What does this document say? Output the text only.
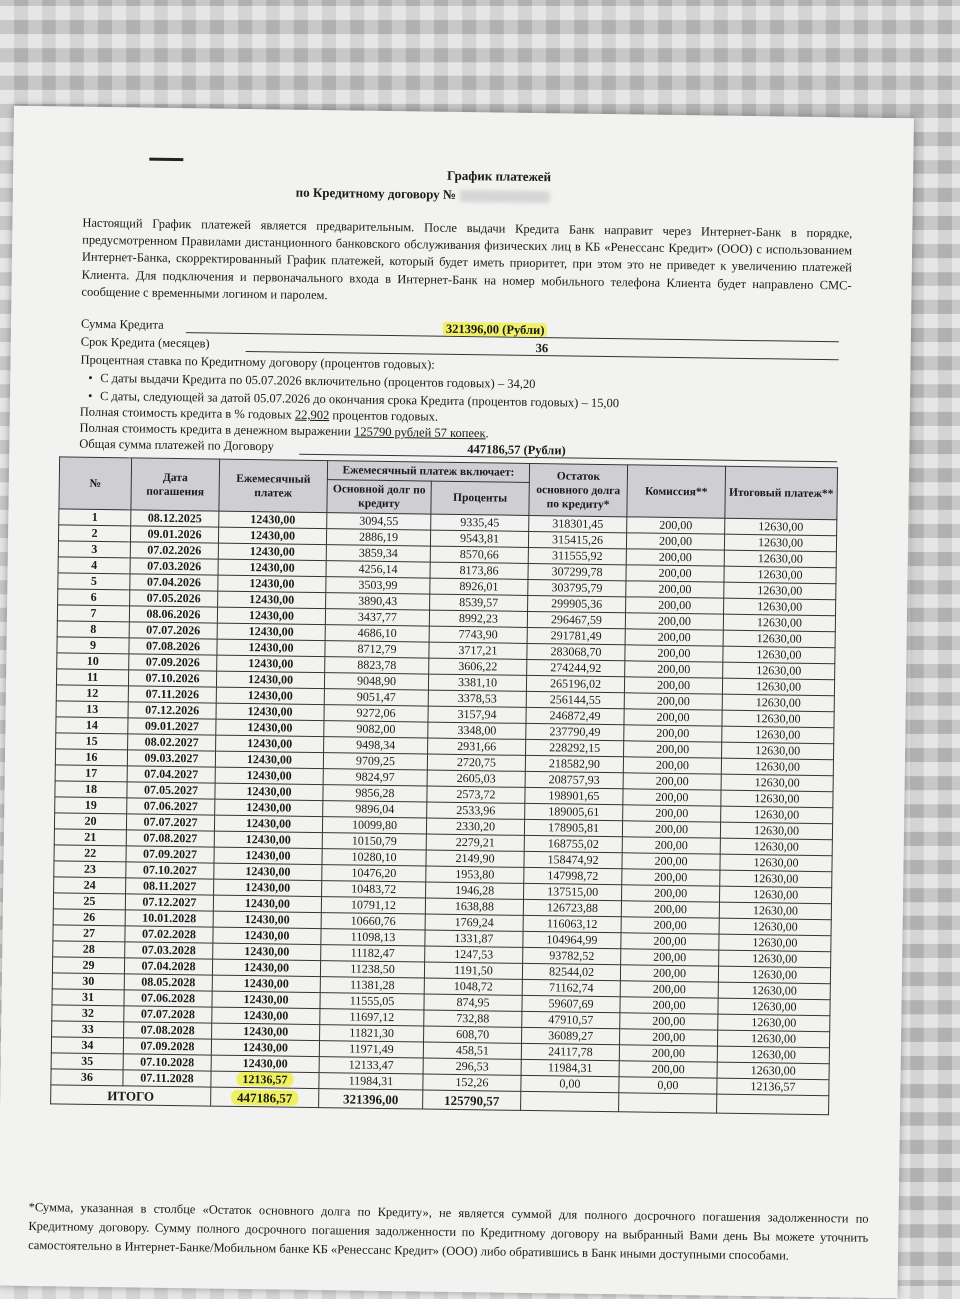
График платежей
по Кредитному договору №
Настоящий График платежей является предварительным. После выдачи Кредита Банк направит через Интернет-Банк в порядке, предусмотренном Правилами дистанционного банковского обслуживания физических лиц в КБ «Ренессанс Кредит» (ООО) с использованием Интернет-Банка, скорректированный График платежей, который будет иметь приоритет, при этом это не приведет к увеличению платежей Клиента. Для подключения и первоначального входа в Интернет-Банк на номер мобильного телефона Клиента будет направлено СМС-сообщение с временными логином и паролем.
Сумма Кредита	321396,00 (Рубли)
Срок Кредита (месяцев)	36
Процентная ставка по Кредитному договору (процентов годовых):
• С даты выдачи Кредита по 05.07.2026 включительно (процентов годовых) – 34,20
• С даты, следующей за датой 05.07.2026 до окончания срока Кредита (процентов годовых) – 15,00
Полная стоимость кредита в % годовых 22,902 процентов годовых.
Полная стоимость кредита в денежном выражении 125790 рублей 57 копеек.
Общая сумма платежей по Договору	447186,57 (Рубли)
№	Дата погашения	Ежемесячный платеж	Ежемесячный платеж включает:		Остаток основного долга по кредиту*	Комиссия**	Итоговый платеж**
			Основной долг по кредиту	Проценты			
1	08.12.2025	12430,00	3094,55	9335,45	318301,45	200,00	12630,00
2	09.01.2026	12430,00	2886,19	9543,81	315415,26	200,00	12630,00
3	07.02.2026	12430,00	3859,34	8570,66	311555,92	200,00	12630,00
4	07.03.2026	12430,00	4256,14	8173,86	307299,78	200,00	12630,00
5	07.04.2026	12430,00	3503,99	8926,01	303795,79	200,00	12630,00
6	07.05.2026	12430,00	3890,43	8539,57	299905,36	200,00	12630,00
7	08.06.2026	12430,00	3437,77	8992,23	296467,59	200,00	12630,00
8	07.07.2026	12430,00	4686,10	7743,90	291781,49	200,00	12630,00
9	07.08.2026	12430,00	8712,79	3717,21	283068,70	200,00	12630,00
10	07.09.2026	12430,00	8823,78	3606,22	274244,92	200,00	12630,00
11	07.10.2026	12430,00	9048,90	3381,10	265196,02	200,00	12630,00
12	07.11.2026	12430,00	9051,47	3378,53	256144,55	200,00	12630,00
13	07.12.2026	12430,00	9272,06	3157,94	246872,49	200,00	12630,00
14	09.01.2027	12430,00	9082,00	3348,00	237790,49	200,00	12630,00
15	08.02.2027	12430,00	9498,34	2931,66	228292,15	200,00	12630,00
16	09.03.2027	12430,00	9709,25	2720,75	218582,90	200,00	12630,00
17	07.04.2027	12430,00	9824,97	2605,03	208757,93	200,00	12630,00
18	07.05.2027	12430,00	9856,28	2573,72	198901,65	200,00	12630,00
19	07.06.2027	12430,00	9896,04	2533,96	189005,61	200,00	12630,00
20	07.07.2027	12430,00	10099,80	2330,20	178905,81	200,00	12630,00
21	07.08.2027	12430,00	10150,79	2279,21	168755,02	200,00	12630,00
22	07.09.2027	12430,00	10280,10	2149,90	158474,92	200,00	12630,00
23	07.10.2027	12430,00	10476,20	1953,80	147998,72	200,00	12630,00
24	08.11.2027	12430,00	10483,72	1946,28	137515,00	200,00	12630,00
25	07.12.2027	12430,00	10791,12	1638,88	126723,88	200,00	12630,00
26	10.01.2028	12430,00	10660,76	1769,24	116063,12	200,00	12630,00
27	07.02.2028	12430,00	11098,13	1331,87	104964,99	200,00	12630,00
28	07.03.2028	12430,00	11182,47	1247,53	93782,52	200,00	12630,00
29	07.04.2028	12430,00	11238,50	1191,50	82544,02	200,00	12630,00
30	08.05.2028	12430,00	11381,28	1048,72	71162,74	200,00	12630,00
31	07.06.2028	12430,00	11555,05	874,95	59607,69	200,00	12630,00
32	07.07.2028	12430,00	11697,12	732,88	47910,57	200,00	12630,00
33	07.08.2028	12430,00	11821,30	608,70	36089,27	200,00	12630,00
34	07.09.2028	12430,00	11971,49	458,51	24117,78	200,00	12630,00
35	07.10.2028	12430,00	12133,47	296,53	11984,31	200,00	12630,00
36	07.11.2028	12136,57	11984,31	152,26	0,00	0,00	12136,57
ИТОГО		447186,57	321396,00	125790,57			
*Сумма, указанная в столбце «Остаток основного долга по Кредиту», не является суммой для полного досрочного погашения задолженности по Кредитному договору. Сумму полного досрочного погашения задолженности по Кредитному договору на выбранный Вами день Вы можете уточнить самостоятельно в Интернет-Банке/Мобильном банке КБ «Ренессанс Кредит» (ООО) либо обратившись в Банк иными доступными способами.
